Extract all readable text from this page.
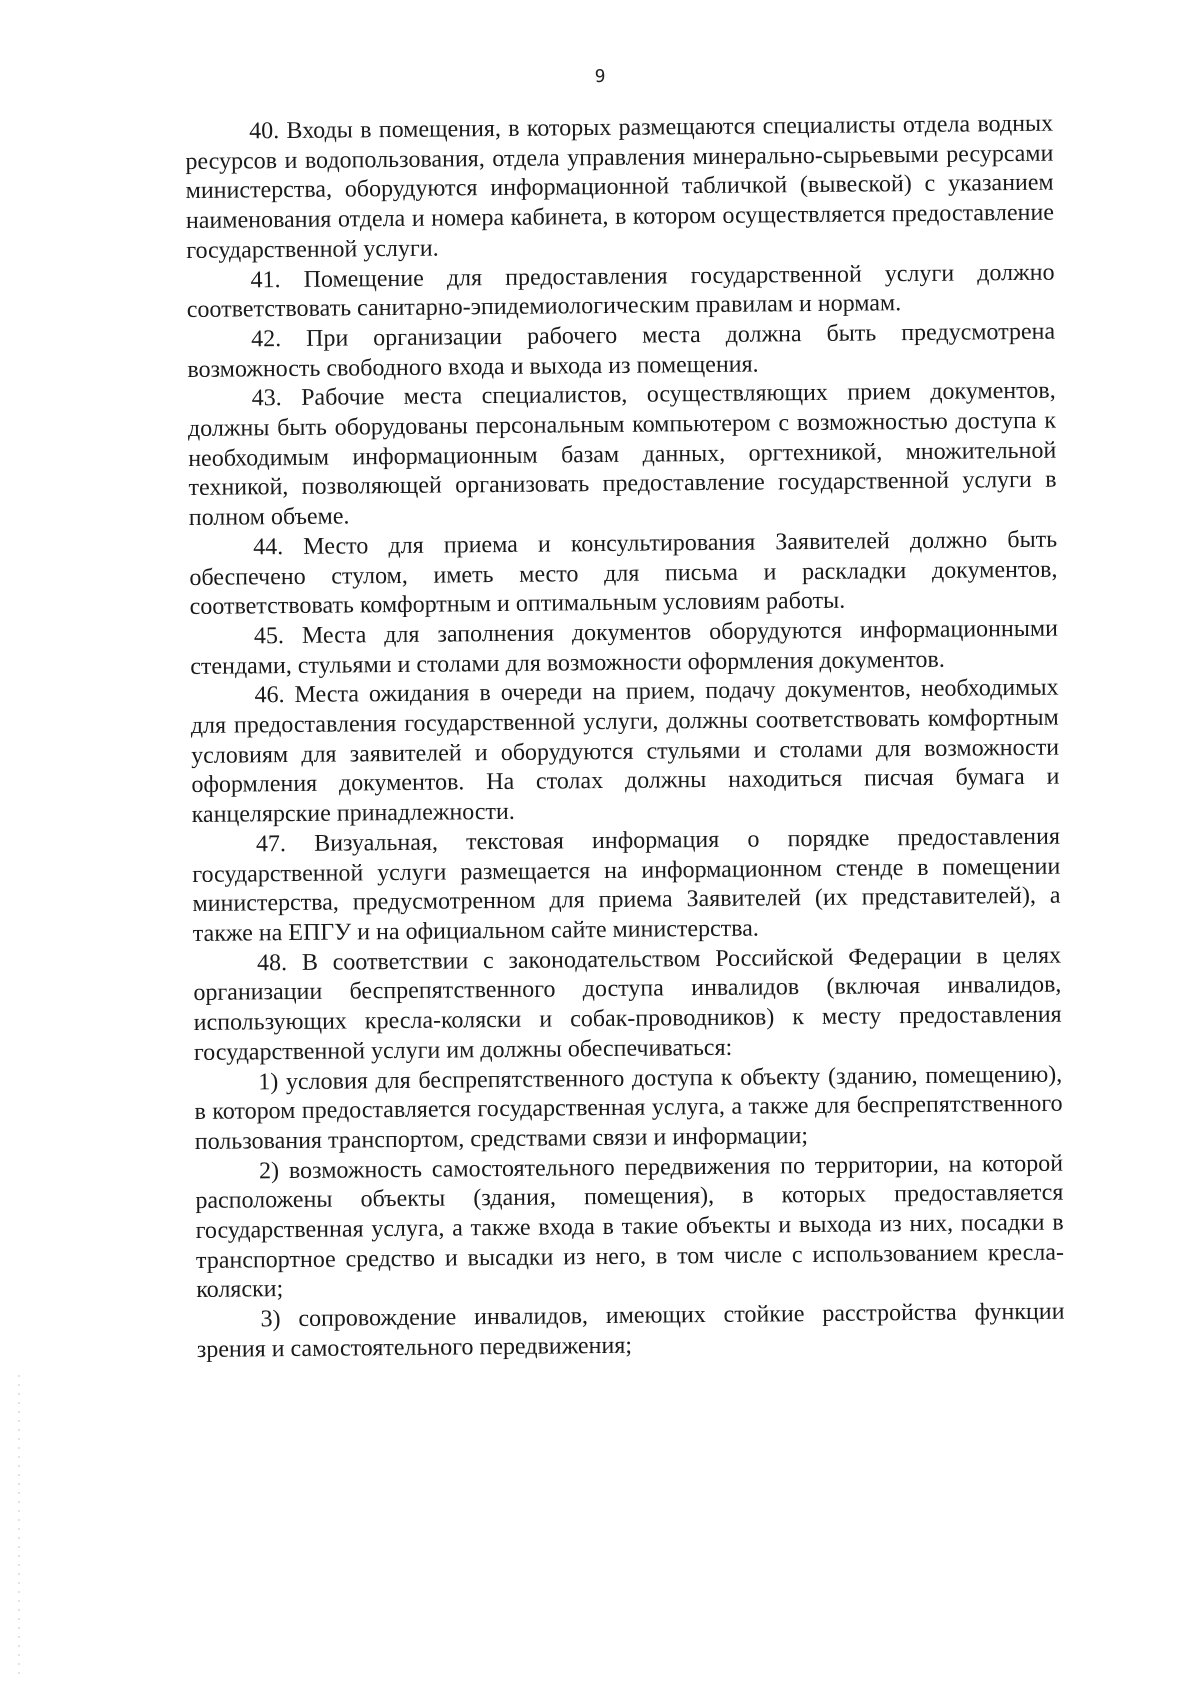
9

40. Входы в помещения, в которых размещаются специалисты отдела водных ресурсов и водопользования, отдела управления минерально-сырьевыми ресурсами министерства, оборудуются информационной табличкой (вывеской) с указанием наименования отдела и номера кабинета, в котором осуществляется предоставление государственной услуги.

41. Помещение для предоставления государственной услуги должно соответствовать санитарно-эпидемиологическим правилам и нормам.

42. При организации рабочего места должна быть предусмотрена возможность свободного входа и выхода из помещения.

43. Рабочие места специалистов, осуществляющих прием документов, должны быть оборудованы персональным компьютером с возможностью доступа к необходимым информационным базам данных, оргтехникой, множительной техникой, позволяющей организовать предоставление государственной услуги в полном объеме.

44. Место для приема и консультирования Заявителей должно быть обеспечено стулом, иметь место для письма и раскладки документов, соответствовать комфортным и оптимальным условиям работы.

45. Места для заполнения документов оборудуются информационными стендами, стульями и столами для возможности оформления документов.

46. Места ожидания в очереди на прием, подачу документов, необходимых для предоставления государственной услуги, должны соответствовать комфортным условиям для заявителей и оборудуются стульями и столами для возможности оформления документов. На столах должны находиться писчая бумага и канцелярские принадлежности.

47. Визуальная, текстовая информация о порядке предоставления государственной услуги размещается на информационном стенде в помещении министерства, предусмотренном для приема Заявителей (их представителей), а также на ЕПГУ и на официальном сайте министерства.

48. В соответствии с законодательством Российской Федерации в целях организации беспрепятственного доступа инвалидов (включая инвалидов, использующих кресла-коляски и собак-проводников) к месту предоставления государственной услуги им должны обеспечиваться:

1) условия для беспрепятственного доступа к объекту (зданию, помещению), в котором предоставляется государственная услуга, а также для беспрепятственного пользования транспортом, средствами связи и информации;

2) возможность самостоятельного передвижения по территории, на которой расположены объекты (здания, помещения), в которых предоставляется государственная услуга, а также входа в такие объекты и выхода из них, посадки в транспортное средство и высадки из него, в том числе с использованием кресла-коляски;

3) сопровождение инвалидов, имеющих стойкие расстройства функции зрения и самостоятельного передвижения;
